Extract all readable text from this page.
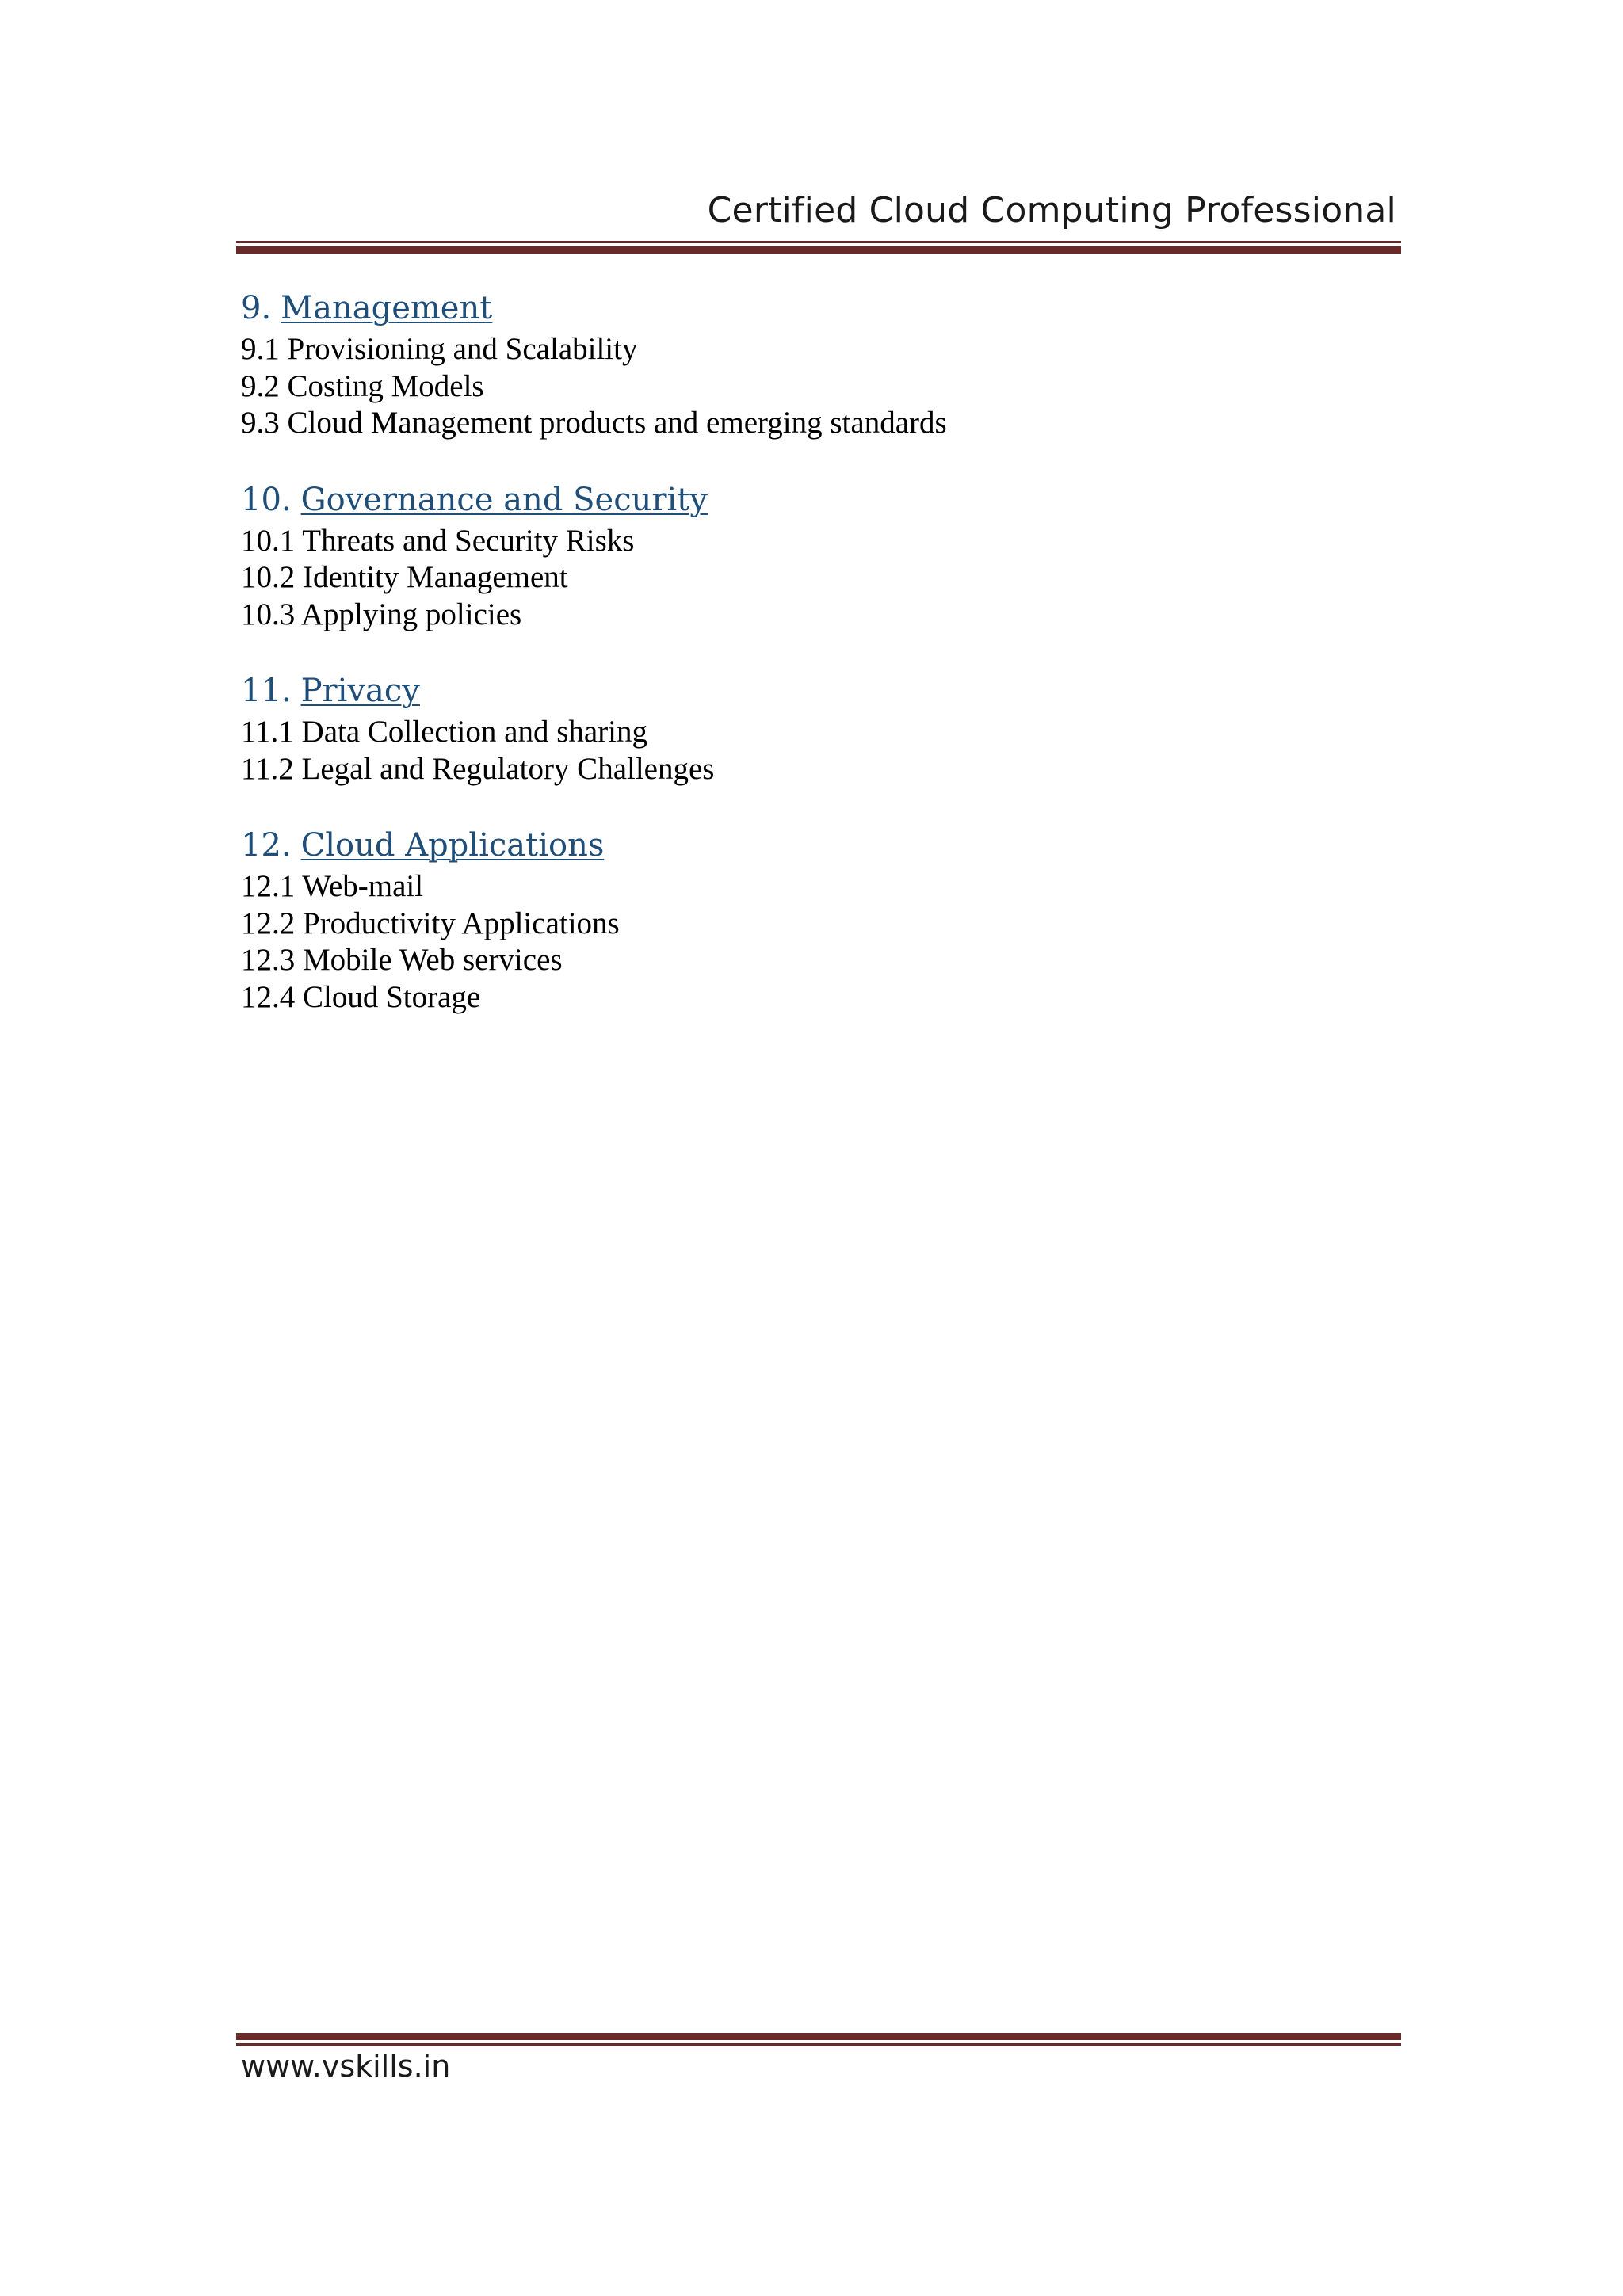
Certified Cloud Computing Professional
9. Management
9.1 Provisioning and Scalability
9.2 Costing Models
9.3 Cloud Management products and emerging standards
10. Governance and Security
10.1 Threats and Security Risks
10.2 Identity Management
10.3 Applying policies
11. Privacy
11.1 Data Collection and sharing
11.2 Legal and Regulatory Challenges
12. Cloud Applications
12.1 Web-mail
12.2 Productivity Applications
12.3 Mobile Web services
12.4 Cloud Storage
www.vskills.in
